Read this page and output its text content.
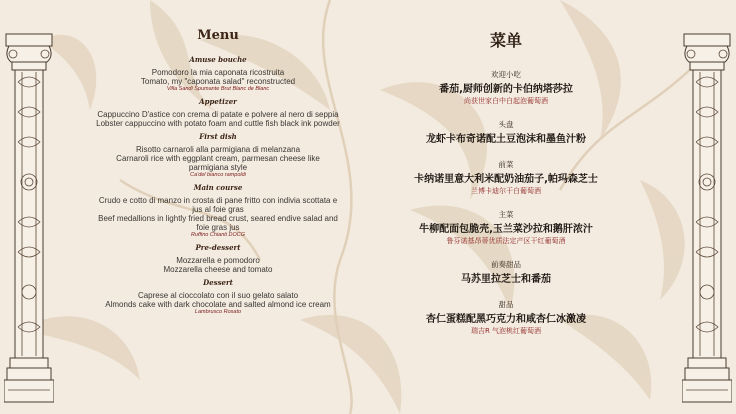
Menu
Amuse bouche
Pomodoro la mia caponata ricostruita
Tomato, my "caponata salad" reconstructed
Villa Sandi Spumante Brut Blanc de Blanc
Appetizer
Cappuccino D'astice con crema di patate e polvere al nero di seppia
Lobster cappuccino with potato foam and cuttle fish black ink powder
First dish
Risotto carnaroli alla parmigiana di melanzana
Carnaroli rice with eggplant cream, parmesan cheese like parmigiana style
Ca'del bianco rampoldi
Main course
Crudo e cotto di manzo in crosta di pane fritto con indivia scottata e jus al foie gras
Beef medallions in lightly fried bread crust, seared endive salad and foie gras jus
Ruffino Chianti DOCG
Pre-dessert
Mozzarella e pomodoro
Mozzarella cheese and tomato
Dessert
Caprese al cioccolato con il suo gelato salato
Almonds cake with dark chocolate and salted almond ice cream
Lambrusco Rosato
菜单
欢迎小吃
番茄,厨师创新的卡伯纳塔莎拉
尚获世家白中白起泡葡萄酒
头盘
龙虾卡布奇诺配土豆泡沫和墨鱼汁粉
前菜
卡纳诺里意大利米配奶油茄子,帕玛森芝士
兰博卡迪尔干白葡萄酒
主菜
牛柳配面包脆壳,玉兰菜沙拉和鹅肝浓汁
鲁芬诺基昂蒂优质法定产区干红葡萄酒
前奏甜品
马苏里拉芝士和番茄
甜品
杏仁蛋糕配黑巧克力和咸杏仁冰激凌
瑞吉R 气泡桃红葡萄酒
